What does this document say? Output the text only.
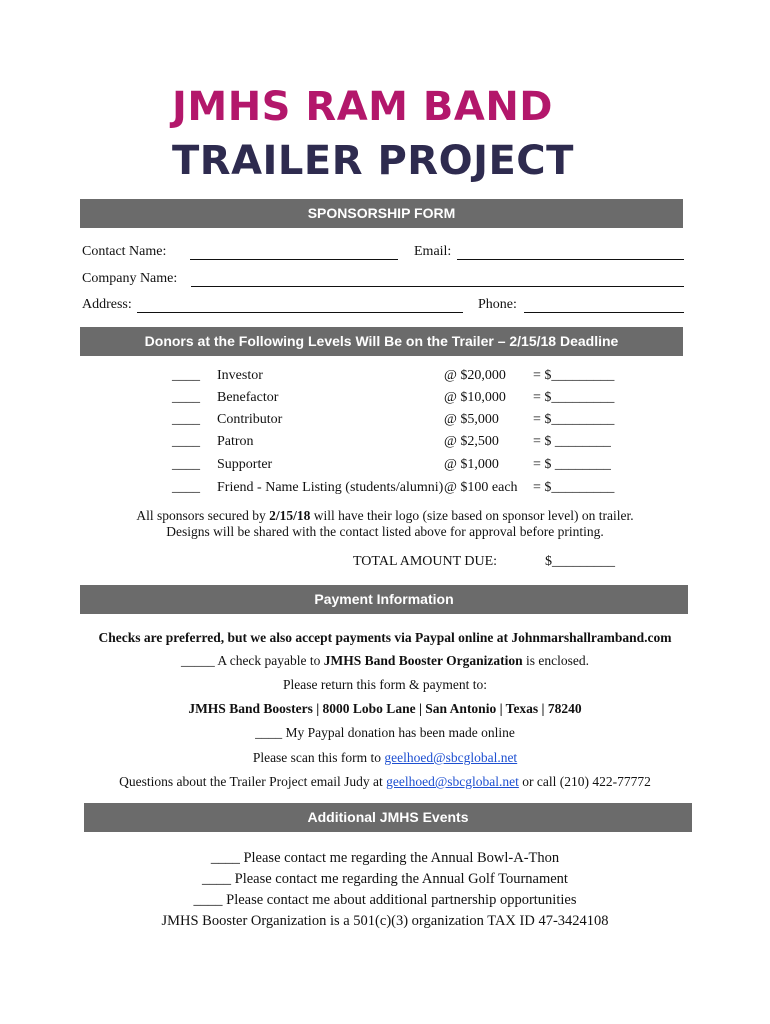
JMHS RAM BAND
TRAILER PROJECT
SPONSORSHIP FORM
Contact Name:	Email:
Company Name:
Address:	Phone:
Donors at the Following Levels Will Be on the Trailer – 2/15/18 Deadline
____ Investor	@ $20,000 = $_________
____ Benefactor	@ $10,000 = $_________
____ Contributor	@ $5,000 = $_________
____ Patron	@ $2,500 = $ ________
____ Supporter	@ $1,000 = $ ________
____ Friend - Name Listing (students/alumni) @ $100 each = $_________
All sponsors secured by 2/15/18 will have their logo (size based on sponsor level) on trailer.
Designs will be shared with the contact listed above for approval before printing.
TOTAL AMOUNT DUE:	$_________
Payment Information
Checks are preferred, but we also accept payments via Paypal online at Johnmarshallramband.com
_____ A check payable to JMHS Band Booster Organization is enclosed.
Please return this form & payment to:
JMHS Band Boosters | 8000 Lobo Lane | San Antonio | Texas | 78240
____ My Paypal donation has been made online
Please scan this form to geelhoed@sbcglobal.net
Questions about the Trailer Project email Judy at geelhoed@sbcglobal.net or call (210) 422-77772
Additional JMHS Events
____ Please contact me regarding the Annual Bowl-A-Thon
____ Please contact me regarding the Annual Golf Tournament
____ Please contact me about additional partnership opportunities
JMHS Booster Organization is a 501(c)(3) organization TAX ID 47-3424108
